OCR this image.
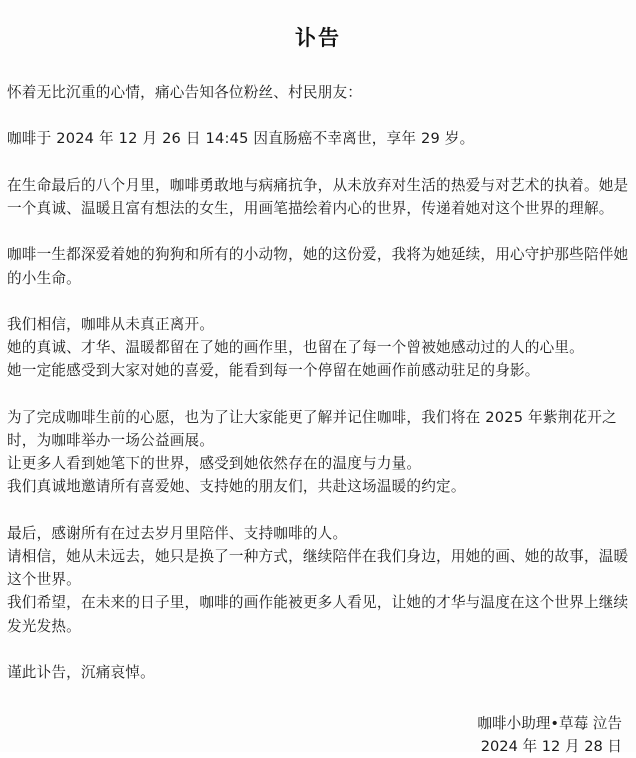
讣告

怀着无比沉重的心情，痛心告知各位粉丝、村民朋友：

咖啡于 2024 年 12 月 26 日 14:45 因直肠癌不幸离世，享年 29 岁。

在生命最后的八个月里，咖啡勇敢地与病痛抗争，从未放弃对生活的热爱与对艺术的执着。她是一个真诚、温暖且富有想法的女生，用画笔描绘着内心的世界，传递着她对这个世界的理解。

咖啡一生都深爱着她的狗狗和所有的小动物，她的这份爱，我将为她延续，用心守护那些陪伴她的小生命。

我们相信，咖啡从未真正离开。

她的真诚、才华、温暖都留在了她的画作里，也留在了每一个曾被她感动过的人的心里。

她一定能感受到大家对她的喜爱，能看到每一个停留在她画作前感动驻足的身影。

为了完成咖啡生前的心愿，也为了让大家能更了解并记住咖啡，我们将在 2025 年紫荆花开之时，为咖啡举办一场公益画展。

让更多人看到她笔下的世界，感受到她依然存在的温度与力量。

我们真诚地邀请所有喜爱她、支持她的朋友们，共赴这场温暖的约定。

最后，感谢所有在过去岁月里陪伴、支持咖啡的人。

请相信，她从未远去，她只是换了一种方式，继续陪伴在我们身边，用她的画、她的故事，温暖这个世界。

我们希望，在未来的日子里，咖啡的画作能被更多人看见，让她的才华与温度在这个世界上继续发光发热。

谨此讣告，沉痛哀悼。

咖啡小助理•草莓 泣告
2024 年 12 月 28 日
